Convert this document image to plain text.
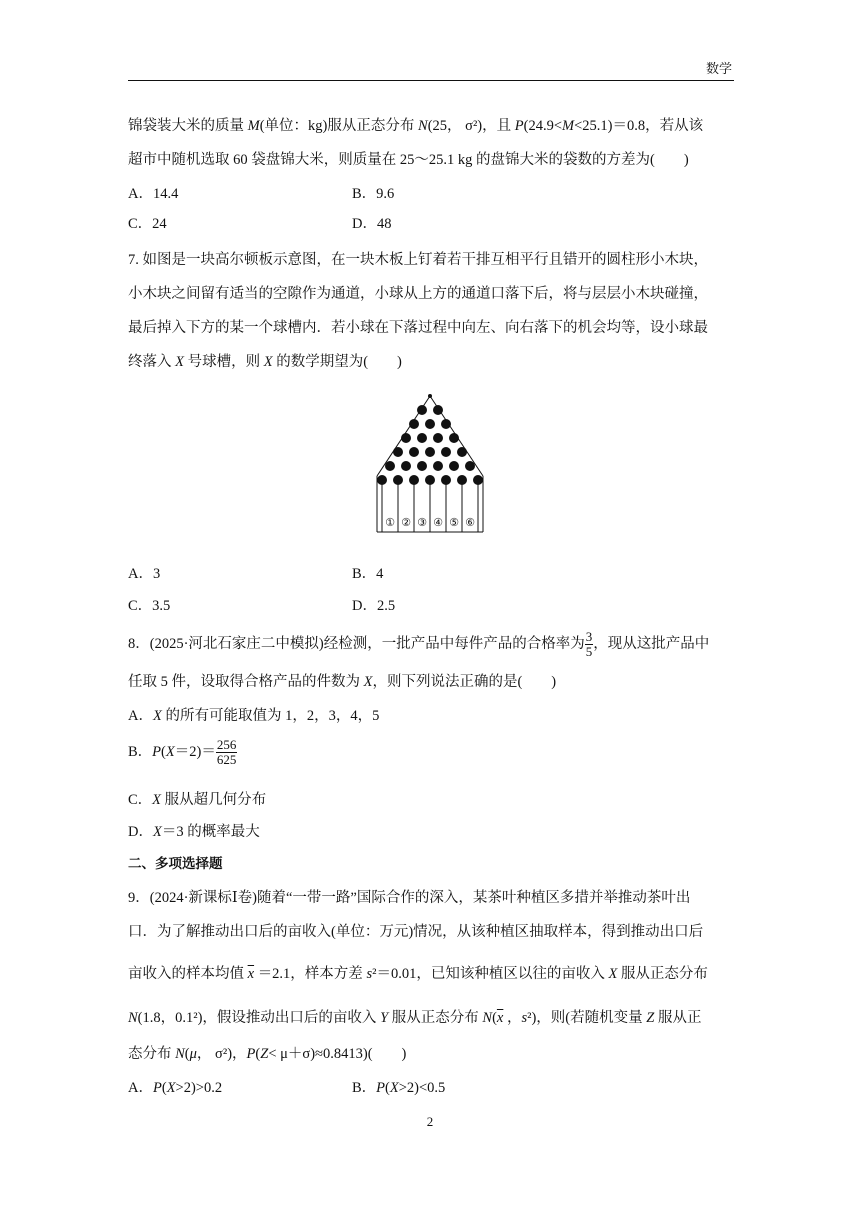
数学
锦袋装大米的质量 M(单位：kg)服从正态分布 N(25， σ²)，且 P(24.9<M<25.1)＝0.8，若从该
超市中随机选取 60 袋盘锦大米，则质量在 25～25.1 kg 的盘锦大米的袋数的方差为(　　)
A．14.4	B．9.6
C．24	D．48
7. 如图是一块高尔顿板示意图，在一块木板上钉着若干排互相平行且错开的圆柱形小木块，
小木块之间留有适当的空隙作为通道，小球从上方的通道口落下后，将与层层小木块碰撞，
最后掉入下方的某一个球槽内．若小球在下落过程中向左、向右落下的机会均等，设小球最
终落入 X 号球槽，则 X 的数学期望为(　　)
① ② ③ ④ ⑤ ⑥
A．3	B．4
C．3.5	D．2.5
8．(2025·河北石家庄二中模拟)经检测，一批产品中每件产品的合格率为 $\frac{3}{5}$ ，现从这批产品中
任取 5 件，设取得合格产品的件数为 X，则下列说法正确的是(　　)
A．X 的所有可能取值为 1，2，3，4，5
B．$P(X=2)= \frac{256}{625}$
C．X 服从超几何分布
D．X＝3 的概率最大
二、多项选择题
9．(2024·新课标Ⅰ卷)随着“一带一路”国际合作的深入，某茶叶种植区多措并举推动茶叶出
口．为了解推动出口后的亩收入(单位：万元)情况，从该种植区抽取样本，得到推动出口后
亩收入的样本均值 $\overline{x} =2.1$，样本方差 s²＝0.01，已知该种植区以往的亩收入 X 服从正态分布
N(1.8，0.1²)，假设推动出口后的亩收入 Y 服从正态分布 $N(\overline{x}$ ，s²)，则(若随机变量 Z 服从正
态分布 N(μ， σ²)，P(Z< μ＋σ)≈0.8413)(　　)
A．P(X>2)>0.2	B．P(X>2)<0.5
2
